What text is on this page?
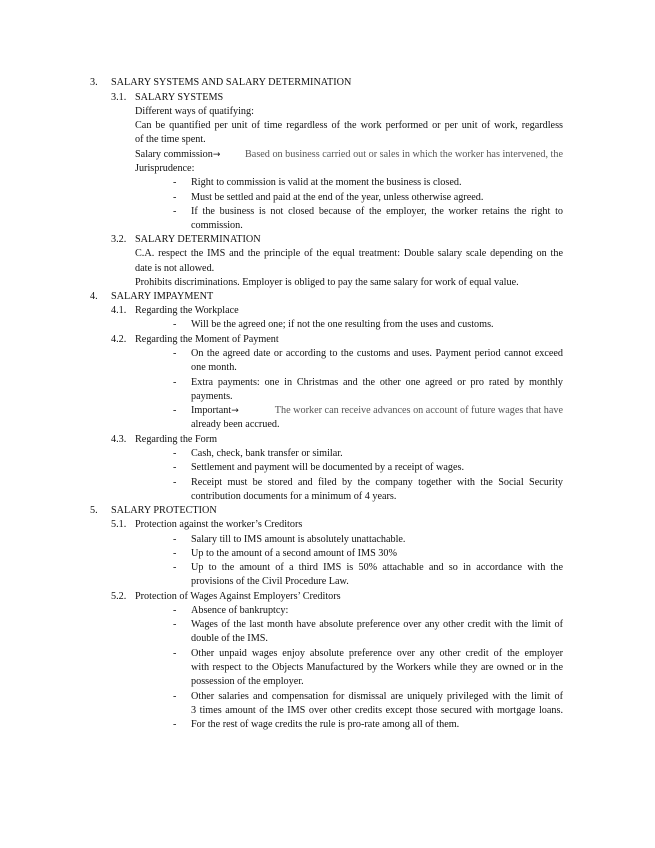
3. SALARY SYSTEMS AND SALARY DETERMINATION
3.1. SALARY SYSTEMS
Different ways of quatifying:
Can be quantified per unit of time regardless of the work performed or per unit of work, regardless
of the time spent.
Salary commission→ Based on business carried out or sales in which the worker has intervened, the
Jurisprudence:
- Right to commission is valid at the moment the business is closed.
- Must be settled and paid at the end of the year, unless otherwise agreed.
- If the business is not closed because of the employer, the worker retains the right to
commission.
3.2. SALARY DETERMINATION
C.A. respect the IMS and the principle of the equal treatment: Double salary scale depending on the
date is not allowed.
Prohibits discriminations. Employer is obliged to pay the same salary for work of equal value.
4. SALARY IMPAYMENT
4.1. Regarding the Workplace
- Will be the agreed one; if not the one resulting from the uses and customs.
4.2. Regarding the Moment of Payment
- On the agreed date or according to the customs and uses. Payment period cannot exceed
one month.
- Extra payments: one in Christmas and the other one agreed or pro rated by monthly
payments.
- Important→	The worker can receive advances on account of future wages that have
already been accrued.
4.3. Regarding the Form
- Cash, check, bank transfer or similar.
- Settlement and payment will be documented by a receipt of wages.
- Receipt must be stored and filed by the company together with the Social Security
contribution documents for a minimum of 4 years.
5. SALARY PROTECTION
5.1. Protection against the worker’s Creditors
- Salary till to IMS amount is absolutely unattachable.
- Up to the amount of a second amount of IMS 30%
- Up to the amount of a third IMS is 50% attachable and so in accordance with the
provisions of the Civil Procedure Law.
5.2. Protection of Wages Against Employers’ Creditors
- Absence of bankruptcy:
- Wages of the last month have absolute preference over any other credit with the limit of
double of the IMS.
- Other unpaid wages enjoy absolute preference over any other credit of the employer
with respect to the Objects Manufactured by the Workers while they are owned or in the
possession of the employer.
- Other salaries and compensation for dismissal are uniquely privileged with the limit of
3 times amount of the IMS over other credits except those secured with mortgage loans.
- For the rest of wage credits the rule is pro-rate among all of them.
